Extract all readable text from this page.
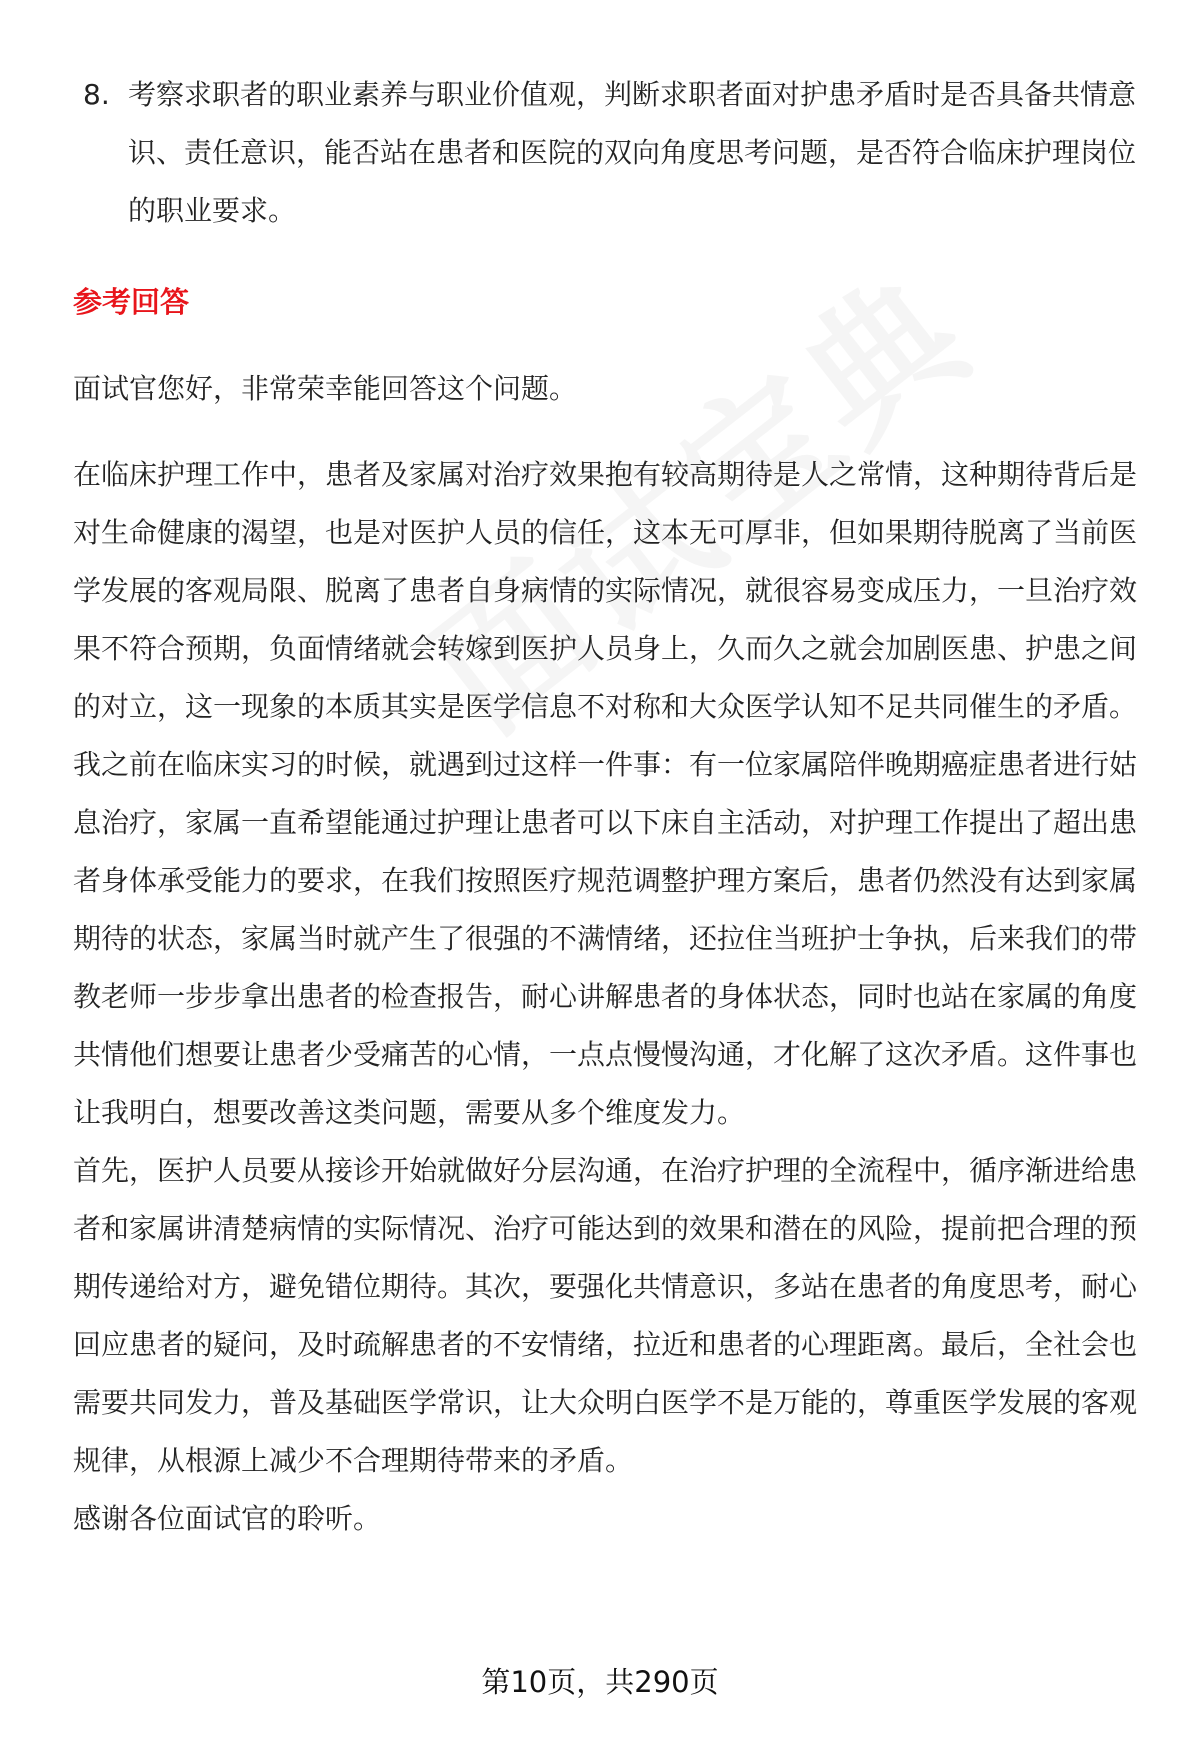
8. 考察求职者的职业素养与职业价值观，判断求职者面对护患矛盾时是否具备共情意识、责任意识，能否站在患者和医院的双向角度思考问题，是否符合临床护理岗位的职业要求。
参考回答

面试官您好，非常荣幸能回答这个问题。

在临床护理工作中，患者及家属对治疗效果抱有较高期待是人之常情，这种期待背后是对生命健康的渴望，也是对医护人员的信任，这本无可厚非，但如果期待脱离了当前医学发展的客观局限、脱离了患者自身病情的实际情况，就很容易变成压力，一旦治疗效果不符合预期，负面情绪就会转嫁到医护人员身上，久而久之就会加剧医患、护患之间的对立，这一现象的本质其实是医学信息不对称和大众医学认知不足共同催生的矛盾。

我之前在临床实习的时候，就遇到过这样一件事：有一位家属陪伴晚期癌症患者进行姑息治疗，家属一直希望能通过护理让患者可以下床自主活动，对护理工作提出了超出患者身体承受能力的要求，在我们按照医疗规范调整护理方案后，患者仍然没有达到家属期待的状态，家属当时就产生了很强的不满情绪，还拉住当班护士争执，后来我们的带教老师一步步拿出患者的检查报告，耐心讲解患者的身体状态，同时也站在家属的角度共情他们想要让患者少受痛苦的心情，一点点慢慢沟通，才化解了这次矛盾。这件事也让我明白，想要改善这类问题，需要从多个维度发力。

首先，医护人员要从接诊开始就做好分层沟通，在治疗护理的全流程中，循序渐进给患者和家属讲清楚病情的实际情况、治疗可能达到的效果和潜在的风险，提前把合理的预期传递给对方，避免错位期待。其次，要强化共情意识，多站在患者的角度思考，耐心回应患者的疑问，及时疏解患者的不安情绪，拉近和患者的心理距离。最后，全社会也需要共同发力，普及基础医学常识，让大众明白医学不是万能的，尊重医学发展的客观规律，从根源上减少不合理期待带来的矛盾。

感谢各位面试官的聆听。

第10页，共290页
